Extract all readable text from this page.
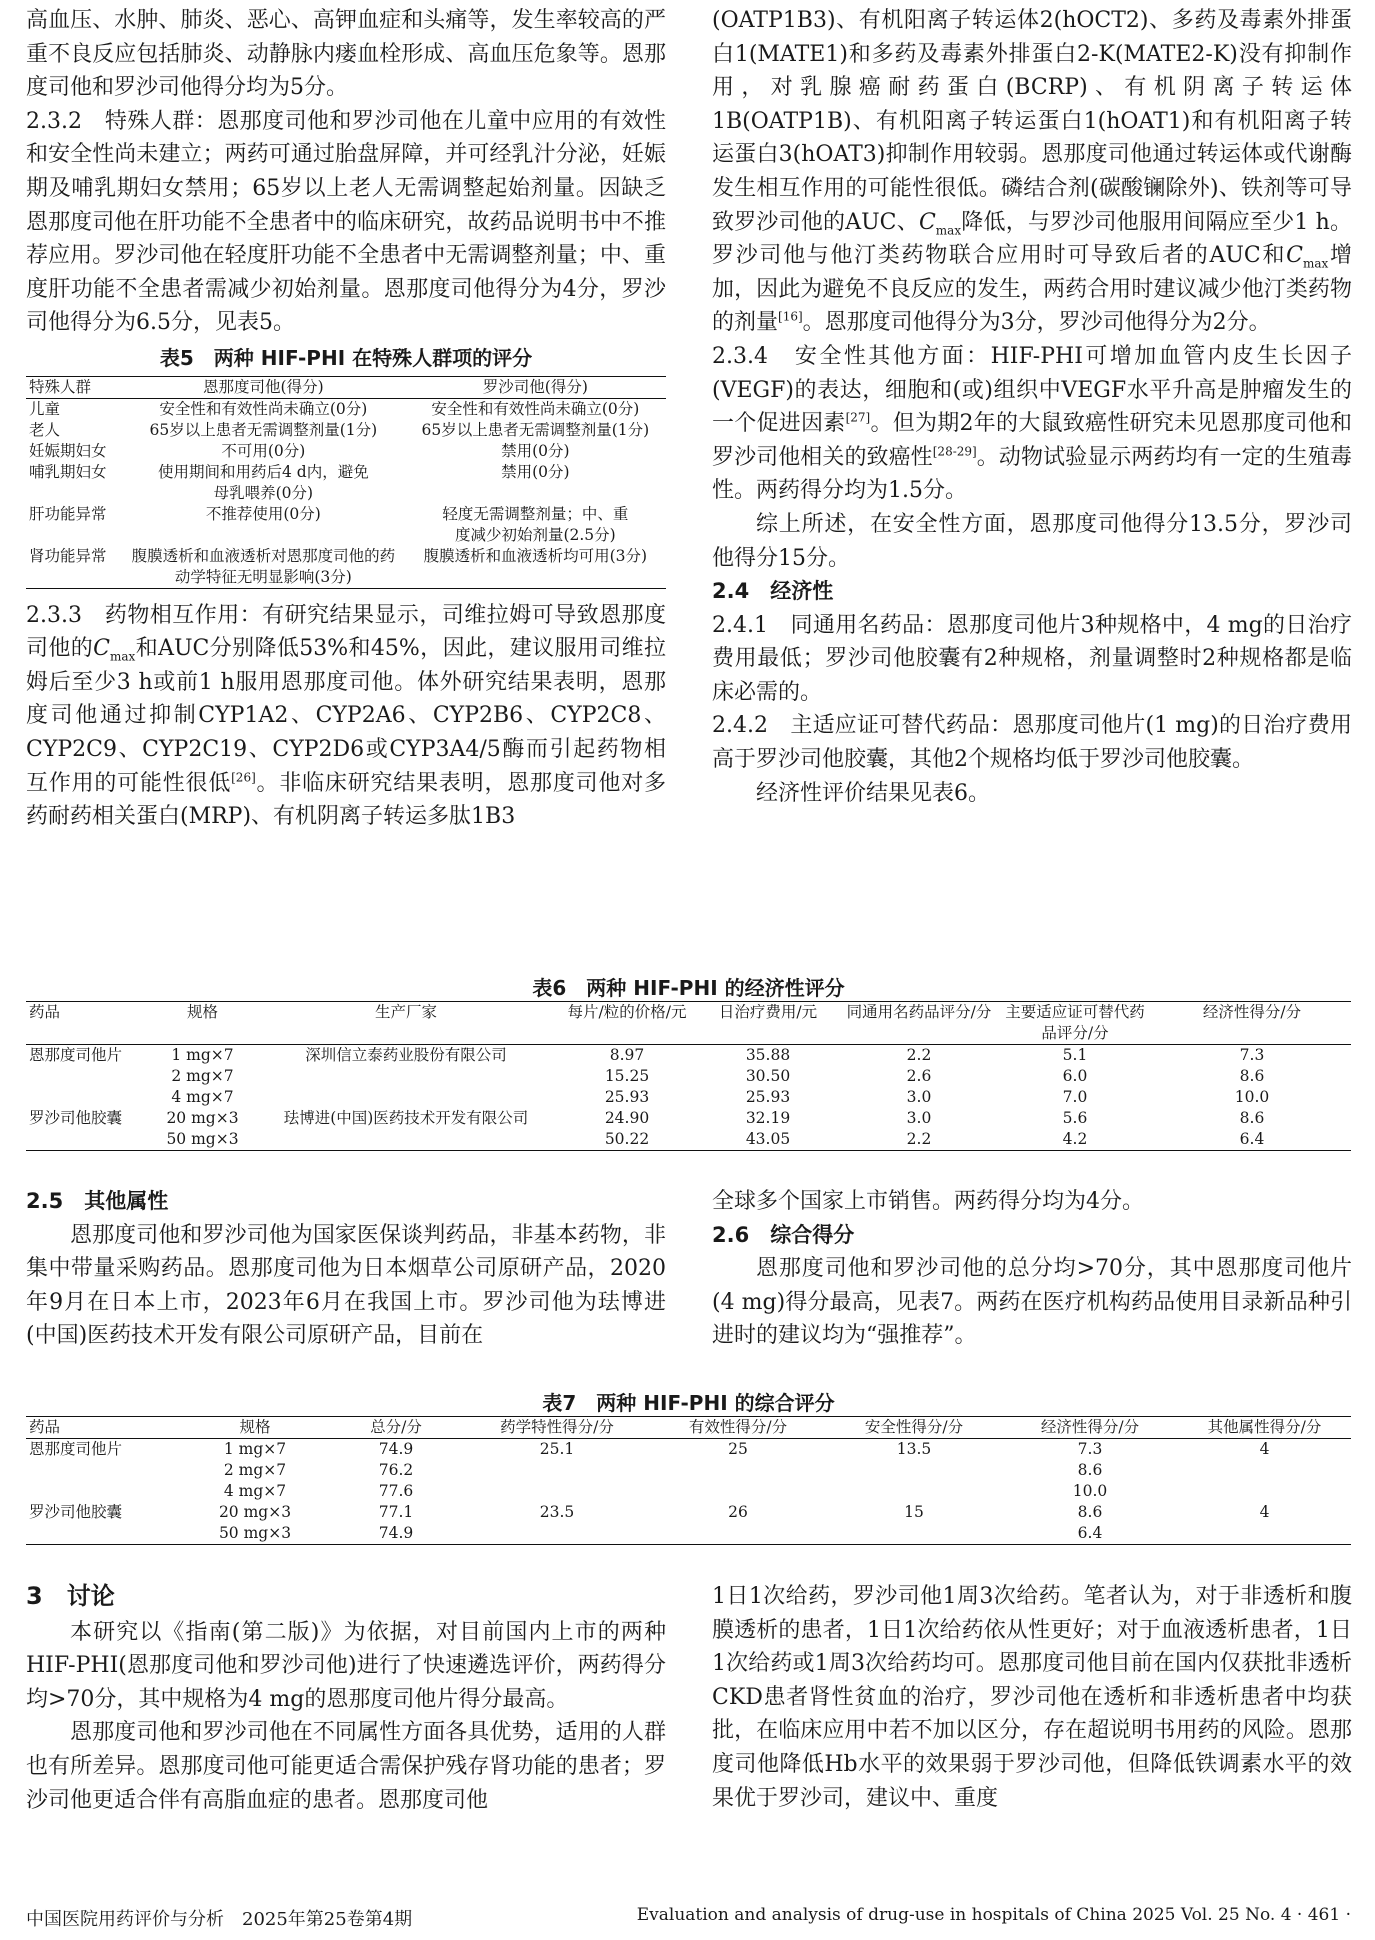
高血压、水肿、肺炎、恶心、高钾血症和头痛等，发生率较高的严重不良反应包括肺炎、动静脉内瘘血栓形成、高血压危象等。恩那度司他和罗沙司他得分均为5分。

2.3.2　特殊人群：恩那度司他和罗沙司他在儿童中应用的有效性和安全性尚未建立；两药可通过胎盘屏障，并可经乳汁分泌，妊娠期及哺乳期妇女禁用；65岁以上老人无需调整起始剂量。因缺乏恩那度司他在肝功能不全患者中的临床研究，故药品说明书中不推荐应用。罗沙司他在轻度肝功能不全患者中无需调整剂量；中、重度肝功能不全患者需减少初始剂量。恩那度司他得分为4分，罗沙司他得分为6.5分，见表5。

表5　两种 HIF-PHI 在特殊人群项的评分
特殊人群	恩那度司他(得分)	罗沙司他(得分)
儿童	安全性和有效性尚未确立(0分)	安全性和有效性尚未确立(0分)
老人	65岁以上患者无需调整剂量(1分)	65岁以上患者无需调整剂量(1分)
妊娠期妇女	不可用(0分)	禁用(0分)
哺乳期妇女	使用期间和用药后4 d内，避免母乳喂养(0分)	禁用(0分)
肝功能异常	不推荐使用(0分)	轻度无需调整剂量；中、重度减少初始剂量(2.5分)
肾功能异常	腹膜透析和血液透析对恩那度司他的药动学特征无明显影响(3分)	腹膜透析和血液透析均可用(3分)

2.3.3　药物相互作用：有研究结果显示，司维拉姆可导致恩那度司他的$C_{max}$和AUC分别降低53%和45%，因此，建议服用司维拉姆后至少3 h或前1 h服用恩那度司他。体外研究结果表明，恩那度司他通过抑制CYP1A2、CYP2A6、CYP2B6、CYP2C8、CYP2C9、CYP2C19、CYP2D6或CYP3A4/5酶而引起药物相互作用的可能性很低[26]。非临床研究结果表明，恩那度司他对多药耐药相关蛋白(MRP)、有机阴离子转运多肽1B3

(OATP1B3)、有机阳离子转运体2(hOCT2)、多药及毒素外排蛋白1(MATE1)和多药及毒素外排蛋白2-K(MATE2-K)没有抑制作用，对乳腺癌耐药蛋白(BCRP)、有机阴离子转运体1B(OATP1B)、有机阳离子转运蛋白1(hOAT1)和有机阳离子转运蛋白3(hOAT3)抑制作用较弱。恩那度司他通过转运体或代谢酶发生相互作用的可能性很低。磷结合剂(碳酸镧除外)、铁剂等可导致罗沙司他的AUC、$C_{max}$降低，与罗沙司他服用间隔应至少1 h。罗沙司他与他汀类药物联合应用时可导致后者的AUC和$C_{max}$增加，因此为避免不良反应的发生，两药合用时建议减少他汀类药物的剂量[16]。恩那度司他得分为3分，罗沙司他得分为2分。

2.3.4　安全性其他方面：HIF-PHI可增加血管内皮生长因子(VEGF)的表达，细胞和(或)组织中VEGF水平升高是肿瘤发生的一个促进因素[27]。但为期2年的大鼠致癌性研究未见恩那度司他和罗沙司他相关的致癌性[28-29]。动物试验显示两药均有一定的生殖毒性。两药得分均为1.5分。

综上所述，在安全性方面，恩那度司他得分13.5分，罗沙司他得分15分。

2.4　经济性

2.4.1　同通用名药品：恩那度司他片3种规格中，4 mg的日治疗费用最低；罗沙司他胶囊有2种规格，剂量调整时2种规格都是临床必需的。

2.4.2　主适应证可替代药品：恩那度司他片(1 mg)的日治疗费用高于罗沙司他胶囊，其他2个规格均低于罗沙司他胶囊。

经济性评价结果见表6。

表6　两种 HIF-PHI 的经济性评分
药品	规格	生产厂家	每片/粒的价格/元	日治疗费用/元	同通用名药品评分/分	主要适应证可替代药品评分/分	经济性得分/分
恩那度司他片	1 mg×7	深圳信立泰药业股份有限公司	8.97	35.88	2.2	5.1	7.3
	2 mg×7		15.25	30.50	2.6	6.0	8.6
	4 mg×7		25.93	25.93	3.0	7.0	10.0
罗沙司他胶囊	20 mg×3	珐博进(中国)医药技术开发有限公司	24.90	32.19	3.0	5.6	8.6
	50 mg×3		50.22	43.05	2.2	4.2	6.4

2.5　其他属性

恩那度司他和罗沙司他为国家医保谈判药品，非基本药物，非集中带量采购药品。恩那度司他为日本烟草公司原研产品，2020年9月在日本上市，2023年6月在我国上市。罗沙司他为珐博进(中国)医药技术开发有限公司原研产品，目前在

全球多个国家上市销售。两药得分均为4分。

2.6　综合得分

恩那度司他和罗沙司他的总分均>70分，其中恩那度司他片(4 mg)得分最高，见表7。两药在医疗机构药品使用目录新品种引进时的建议均为“强推荐”。

表7　两种 HIF-PHI 的综合评分
药品	规格	总分/分	药学特性得分/分	有效性得分/分	安全性得分/分	经济性得分/分	其他属性得分/分
恩那度司他片	1 mg×7	74.9	25.1	25	13.5	7.3	4
	2 mg×7	76.2				8.6	
	4 mg×7	77.6				10.0	
罗沙司他胶囊	20 mg×3	77.1	23.5	26	15	8.6	4
	50 mg×3	74.9				6.4	

3　讨论

本研究以《指南(第二版)》为依据，对目前国内上市的两种HIF-PHI(恩那度司他和罗沙司他)进行了快速遴选评价，两药得分均>70分，其中规格为4 mg的恩那度司他片得分最高。

恩那度司他和罗沙司他在不同属性方面各具优势，适用的人群也有所差异。恩那度司他可能更适合需保护残存肾功能的患者；罗沙司他更适合伴有高脂血症的患者。恩那度司他

1日1次给药，罗沙司他1周3次给药。笔者认为，对于非透析和腹膜透析的患者，1日1次给药依从性更好；对于血液透析患者，1日1次给药或1周3次给药均可。恩那度司他目前在国内仅获批非透析CKD患者肾性贫血的治疗，罗沙司他在透析和非透析患者中均获批，在临床应用中若不加以区分，存在超说明书用药的风险。恩那度司他降低Hb水平的效果弱于罗沙司他，但降低铁调素水平的效果优于罗沙司，建议中、重度

中国医院用药评价与分析　2025年第25卷第4期	Evaluation and analysis of drug-use in hospitals of China 2025 Vol. 25 No. 4 · 461 ·
